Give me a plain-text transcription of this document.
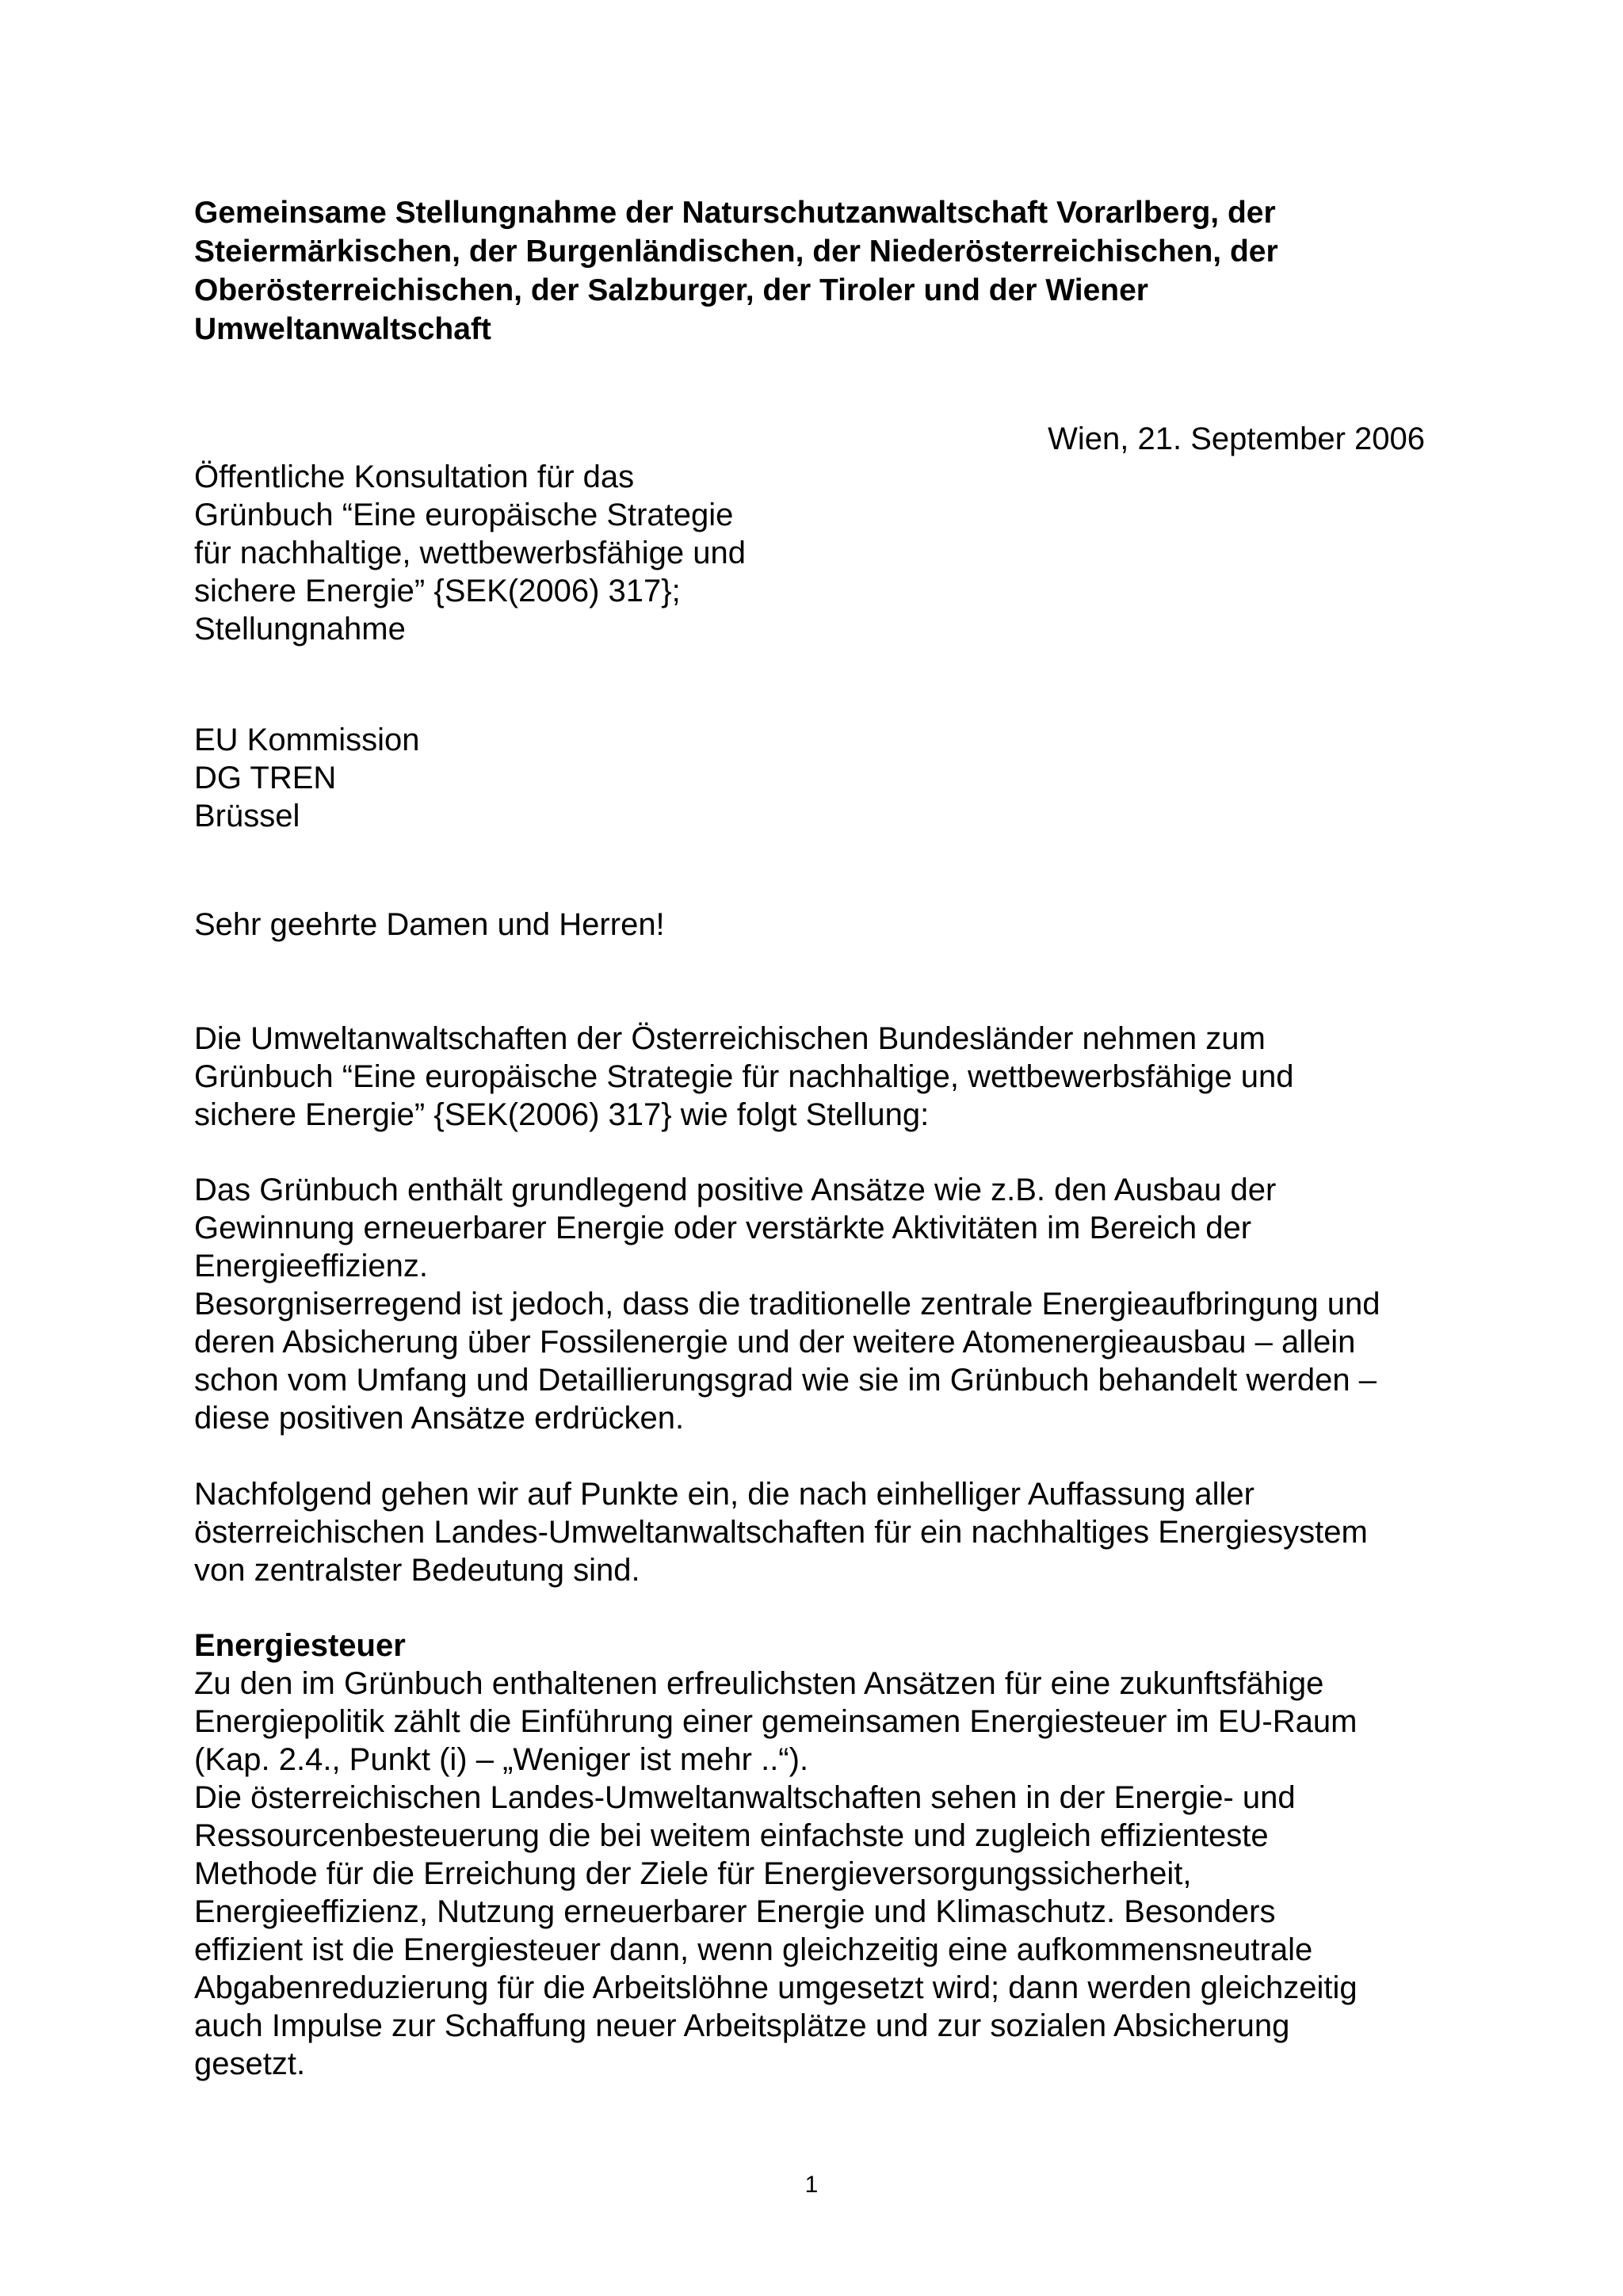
Gemeinsame Stellungnahme der Naturschutzanwaltschaft Vorarlberg, der
Steiermärkischen, der Burgenländischen, der Niederösterreichischen, der
Oberösterreichischen, der Salzburger, der Tiroler und der Wiener
Umweltanwaltschaft
Wien, 21. September 2006
Öffentliche Konsultation für das
Grünbuch “Eine europäische Strategie
für nachhaltige, wettbewerbsfähige und
sichere Energie” {SEK(2006) 317};
Stellungnahme
EU Kommission
DG TREN
Brüssel
Sehr geehrte Damen und Herren!
Die Umweltanwaltschaften der Österreichischen Bundesländer nehmen zum
Grünbuch “Eine europäische Strategie für nachhaltige, wettbewerbsfähige und
sichere Energie” {SEK(2006) 317} wie folgt Stellung:
Das Grünbuch enthält grundlegend positive Ansätze wie z.B. den Ausbau der
Gewinnung erneuerbarer Energie oder verstärkte Aktivitäten im Bereich der
Energieeffizienz.
Besorgniserregend ist jedoch, dass die traditionelle zentrale Energieaufbringung und
deren Absicherung über Fossilenergie und der weitere Atomenergieausbau – allein
schon vom Umfang und Detaillierungsgrad wie sie im Grünbuch behandelt werden –
diese positiven Ansätze erdrücken.
Nachfolgend gehen wir auf Punkte ein, die nach einhelliger Auffassung aller
österreichischen Landes-Umweltanwaltschaften für ein nachhaltiges Energiesystem
von zentralster Bedeutung sind.
Energiesteuer
Zu den im Grünbuch enthaltenen erfreulichsten Ansätzen für eine zukunftsfähige
Energiepolitik zählt die Einführung einer gemeinsamen Energiesteuer im EU-Raum
(Kap. 2.4., Punkt (i) – „Weniger ist mehr ..“).
Die österreichischen Landes-Umweltanwaltschaften sehen in der Energie- und
Ressourcenbesteuerung die bei weitem einfachste und zugleich effizienteste
Methode für die Erreichung der Ziele für Energieversorgungssicherheit,
Energieeffizienz, Nutzung erneuerbarer Energie und Klimaschutz. Besonders
effizient ist die Energiesteuer dann, wenn gleichzeitig eine aufkommensneutrale
Abgabenreduzierung für die Arbeitslöhne umgesetzt wird; dann werden gleichzeitig
auch Impulse zur Schaffung neuer Arbeitsplätze und zur sozialen Absicherung
gesetzt.
1
